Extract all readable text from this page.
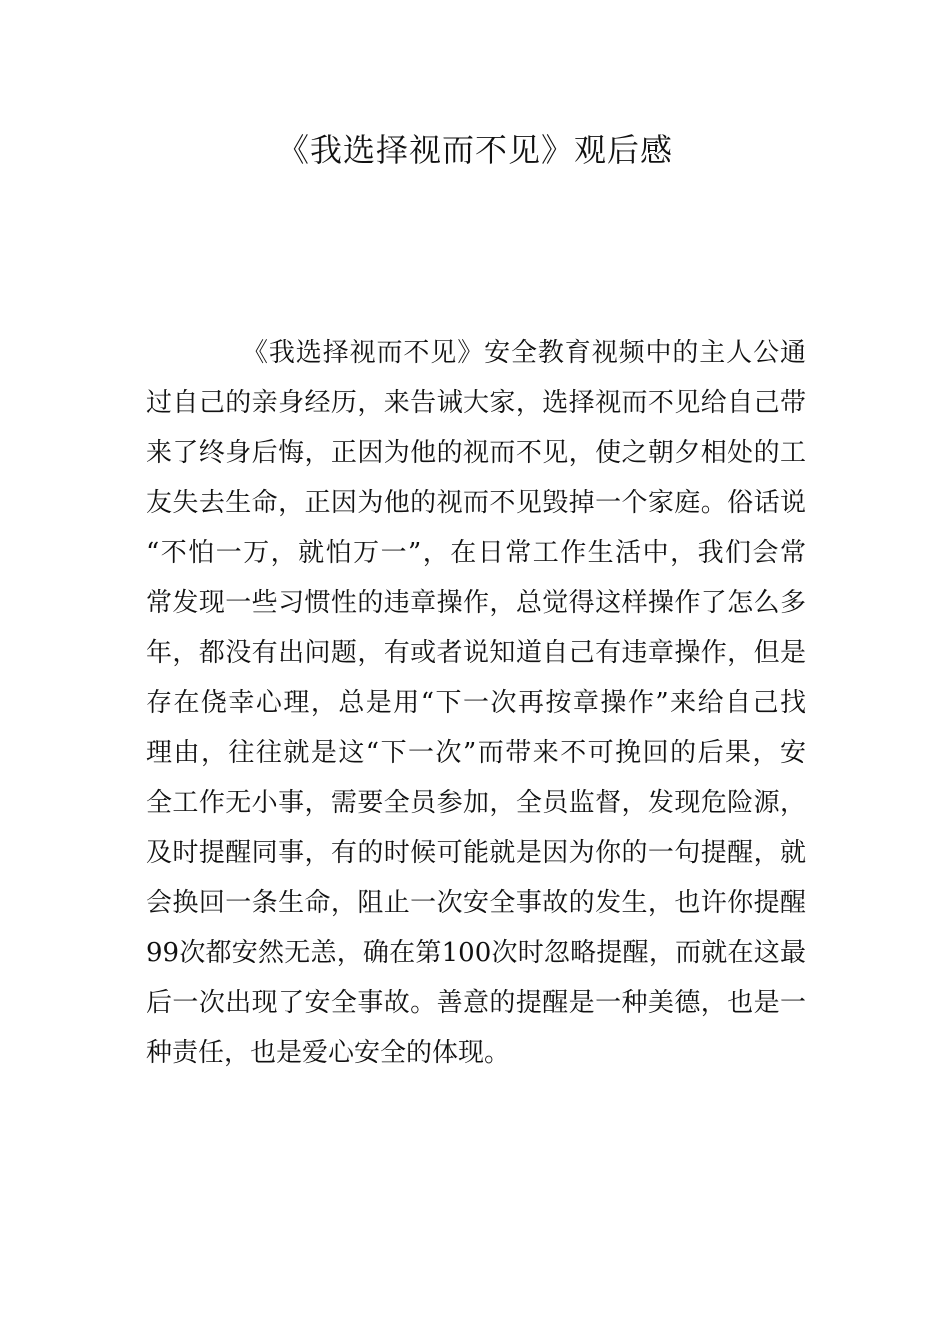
《我选择视而不见》观后感
《我选择视而不见》安全教育视频中的主人公通
过自己的亲身经历，来告诫大家，选择视而不见给自己带
来了终身后悔，正因为他的视而不见，使之朝夕相处的工
友失去生命，正因为他的视而不见毁掉一个家庭。俗话说
“不怕一万，就怕万一”，在日常工作生活中，我们会常
常发现一些习惯性的违章操作，总觉得这样操作了怎么多
年，都没有出问题，有或者说知道自己有违章操作，但是
存在侥幸心理，总是用“下一次再按章操作”来给自己找
理由，往往就是这“下一次”而带来不可挽回的后果，安
全工作无小事，需要全员参加，全员监督，发现危险源，
及时提醒同事，有的时候可能就是因为你的一句提醒，就
会换回一条生命，阻止一次安全事故的发生，也许你提醒
99次都安然无恙，确在第100次时忽略提醒，而就在这最
后一次出现了安全事故。善意的提醒是一种美德，也是一
种责任，也是爱心安全的体现。
